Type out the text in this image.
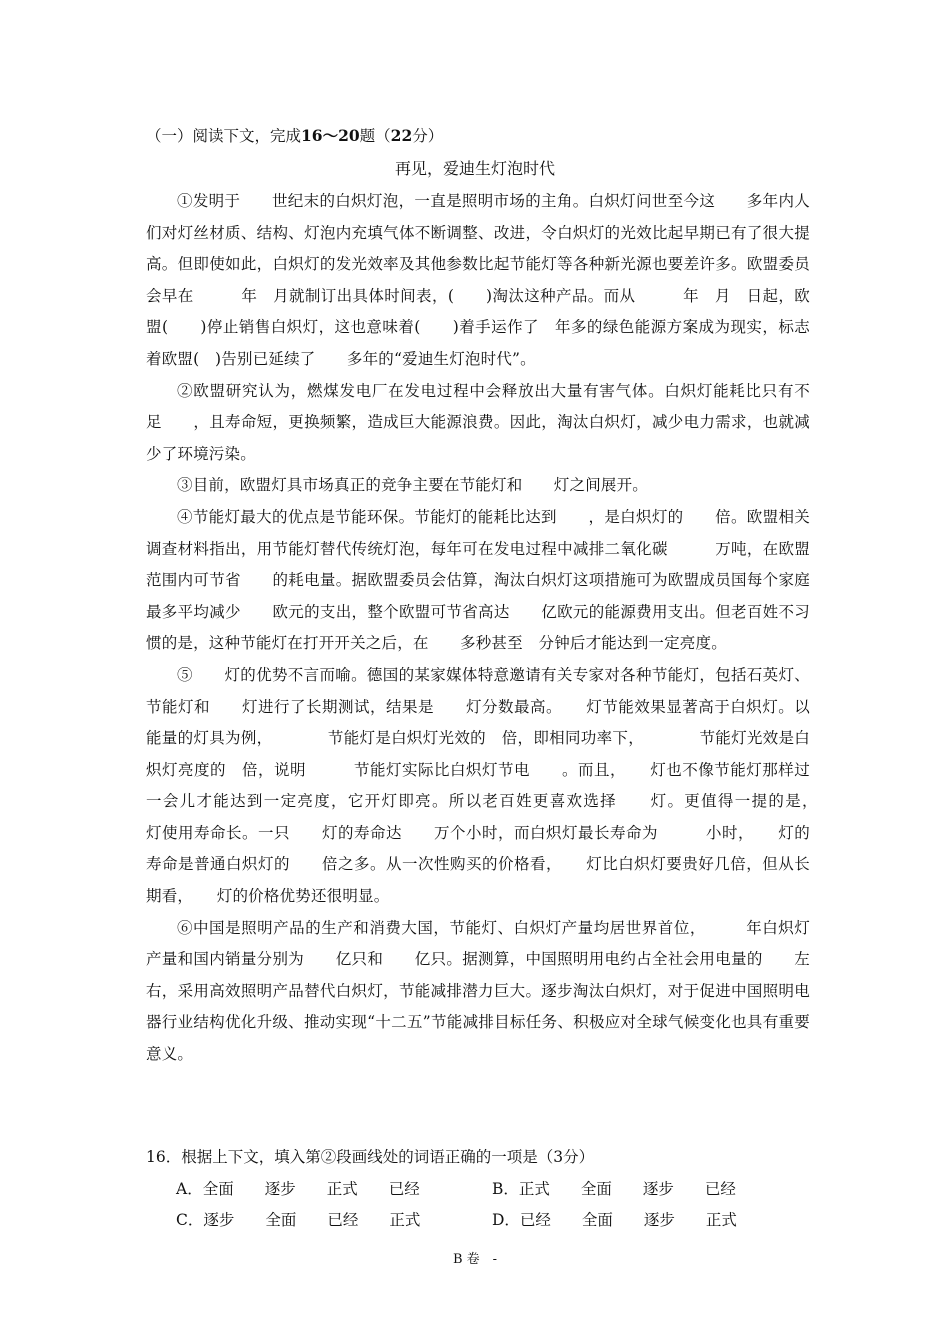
（一）阅读下文，完成16～20题（22分）
再见，爱迪生灯泡时代

①发明于　　世纪末的白炽灯泡，一直是照明市场的主角。白炽灯问世至今这　　多年内人们对灯丝材质、结构、灯泡内充填气体不断调整、改进，令白炽灯的光效比起早期已有了很大提高。但即使如此，白炽灯的发光效率及其他参数比起节能灯等各种新光源也要差许多。欧盟委员会早在　　　年　月就制订出具体时间表，(　　)淘汰这种产品。而从　　　年　月　日起，欧盟(　　)停止销售白炽灯，这也意味着(　　)着手运作了　年多的绿色能源方案成为现实，标志着欧盟(　)告别已延续了　　多年的“爱迪生灯泡时代”。

②欧盟研究认为，燃煤发电厂在发电过程中会释放出大量有害气体。白炽灯能耗比只有不足　　，且寿命短，更换频繁，造成巨大能源浪费。因此，淘汰白炽灯，减少电力需求，也就减少了环境污染。

③目前，欧盟灯具市场真正的竞争主要在节能灯和　　灯之间展开。

④节能灯最大的优点是节能环保。节能灯的能耗比达到　　，是白炽灯的　　倍。欧盟相关调查材料指出，用节能灯替代传统灯泡，每年可在发电过程中减排二氧化碳　　　万吨，在欧盟范围内可节省　　的耗电量。据欧盟委员会估算，淘汰白炽灯这项措施可为欧盟成员国每个家庭最多平均减少　　欧元的支出，整个欧盟可节省高达　　亿欧元的能源费用支出。但老百姓不习惯的是，这种节能灯在打开开关之后，在　　多秒甚至　分钟后才能达到一定亮度。

⑤　　灯的优势不言而喻。德国的某家媒体特意邀请有关专家对各种节能灯，包括石英灯、节能灯和　　灯进行了长期测试，结果是　　灯分数最高。　　灯节能效果显著高于白炽灯。以　　能量的灯具为例，　　　　节能灯是白炽灯光效的　倍，即相同功率下，　　　　节能灯光效是白炽灯亮度的　倍，说明　　　节能灯实际比白炽灯节电　　。而且，　　灯也不像节能灯那样过一会儿才能达到一定亮度，它开灯即亮。所以老百姓更喜欢选择　　灯。更值得一提的是，　　灯使用寿命长。一只　　灯的寿命达　　万个小时，而白炽灯最长寿命为　　　小时，　　灯的寿命是普通白炽灯的　　倍之多。从一次性购买的价格看，　　灯比白炽灯要贵好几倍，但从长期看，　　灯的价格优势还很明显。

⑥中国是照明产品的生产和消费大国，节能灯、白炽灯产量均居世界首位，　　　年白炽灯产量和国内销量分别为　　亿只和　　亿只。据测算，中国照明用电约占全社会用电量的　　左右，采用高效照明产品替代白炽灯，节能减排潜力巨大。逐步淘汰白炽灯，对于促进中国照明电器行业结构优化升级、推动实现“十二五”节能减排目标任务、积极应对全球气候变化也具有重要意义。

16．根据上下文，填入第②段画线处的词语正确的一项是（3分）

A．全面　　逐步　　正式　　已经	B．正式　　全面　　逐步　　已经
C．逐步　　全面　　已经　　正式	D．已经　　全面　　逐步　　正式
B 卷　-
